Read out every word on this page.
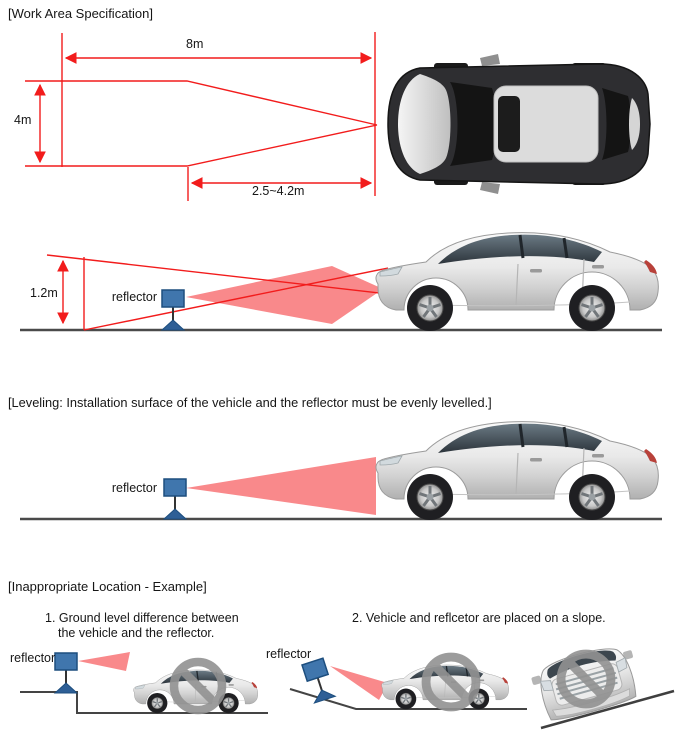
[Work Area Specification]
8m
4m
2.5~4.2m
1.2m	reflector
[Leveling: Installation surface of the vehicle and the reflector must be evenly levelled.]
reflector
[Inappropriate Location - Example]
1. Ground level difference between
the vehicle and the reflector.
2. Vehicle and reflcetor are placed on a slope.
reflector	reflector
